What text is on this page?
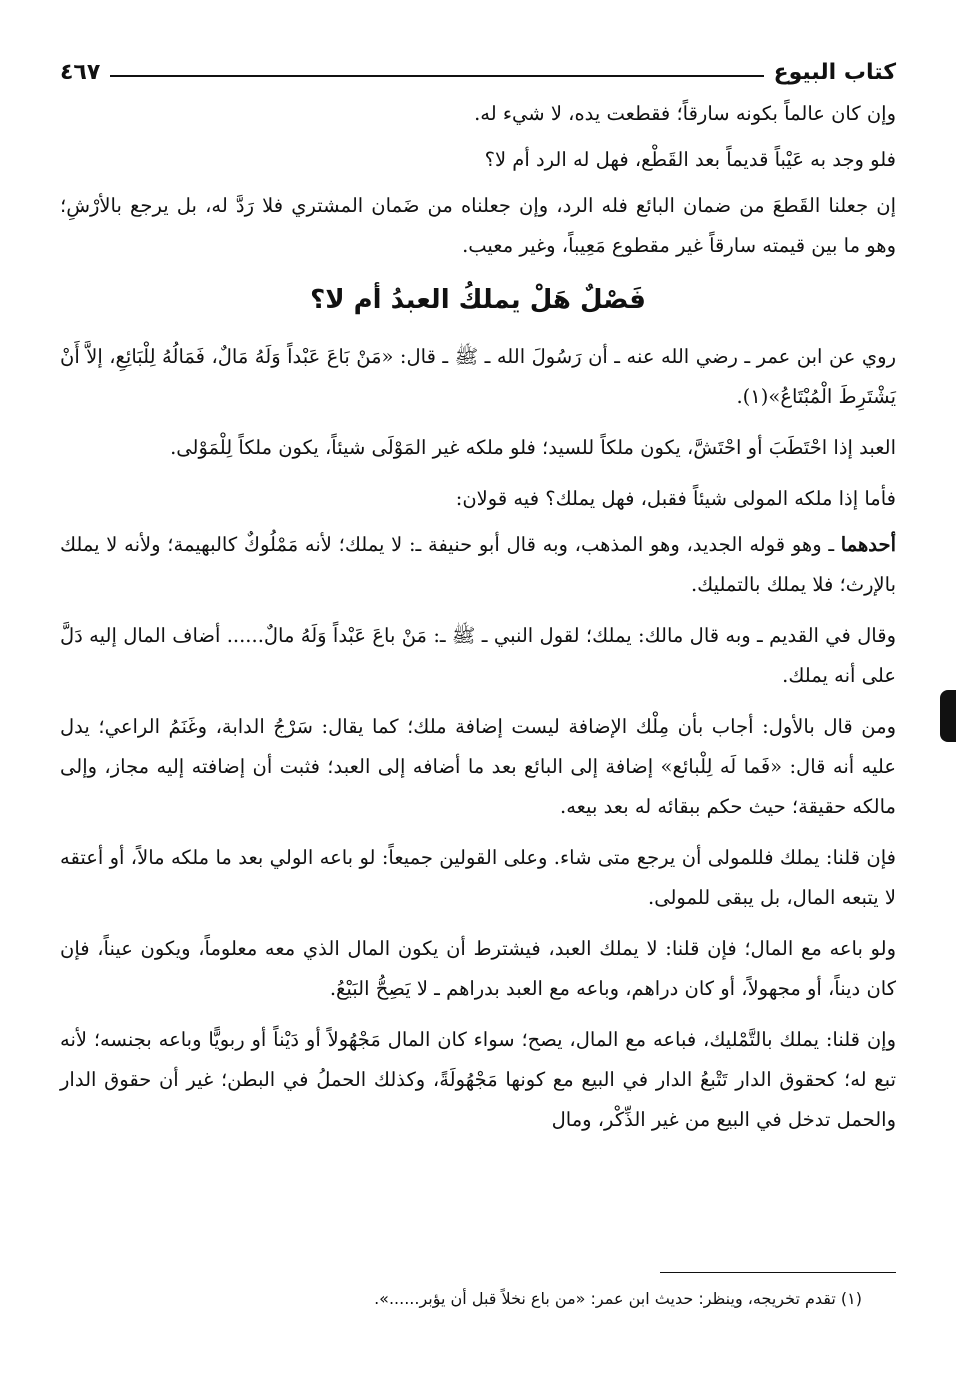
كتاب البيوع
٤٦٧

وإن كان عالماً بكونه سارقاً؛ فقطعت يده، لا شيء له.

فلو وجد به عَيْباً قديماً بعد القَطْع، فهل له الرد أم لا؟

إن جعلنا القَطعَ من ضمان البائع فله الرد، وإن جعلناه من ضَمان المشتري فلا رَدَّ له، بل يرجع بالأرْشِ؛ وهو ما بين قيمته سارقاً غير مقطوع مَعِيباً، وغير معيب.

فَصْلٌ هَلْ يملكُ العبدُ أم لا؟

روي عن ابن عمر ـ رضي الله عنه ـ أن رَسُولَ الله ـ ﷺ ـ قال: «مَنْ بَاعَ عَبْداً وَلَهُ مَالٌ، فَمَالُهُ لِلْبَائِعِ، إلاَّ أَنْ يَشْتَرِطَ الْمُبْتَاعُ»(١).

العبد إذا احْتَطَبَ أو احْتَشَّ، يكون ملكاً للسيد؛ فلو ملكه غير المَوْلَى شيئاً، يكون ملكاً لِلْمَوْلى.

فأما إذا ملكه المولى شيئاً فقبل، فهل يملك؟ فيه قولان:

أحدهما ـ وهو قوله الجديد، وهو المذهب، وبه قال أبو حنيفة ـ: لا يملك؛ لأنه مَمْلُوكٌ كالبهيمة؛ ولأنه لا يملك بالإرث؛ فلا يملك بالتمليك.

وقال في القديم ـ وبه قال مالك: يملك؛ لقول النبي ـ ﷺ ـ: مَنْ باعَ عَبْداً وَلَهُ مالٌ...... أضاف المال إليه دَلَّ على أنه يملك.

ومن قال بالأول: أجاب بأن مِلْك الإضافة ليست إضافة ملك؛ كما يقال: سَرْجُ الدابة، وغَنَمُ الراعي؛ يدل عليه أنه قال: «فَما لَه لِلْبائع» إضافة إلى البائع بعد ما أضافه إلى العبد؛ فثبت أن إضافته إليه مجاز، وإلى مالكه حقيقة؛ حيث حكم ببقائه له بعد بيعه.

فإن قلنا: يملك فللمولى أن يرجع متى شاء. وعلى القولين جميعاً: لو باعه الولي بعد ما ملكه مالاً، أو أعتقه لا يتبعه المال، بل يبقى للمولى.

ولو باعه مع المال؛ فإن قلنا: لا يملك العبد، فيشترط أن يكون المال الذي معه معلوماً، ويكون عيناً، فإن كان ديناً، أو مجهولاً، أو كان دراهم، وباعه مع العبد بدراهم ـ لا يَصِحُّ البَيْعُ.

وإن قلنا: يملك بالتَّمْليك، فباعه مع المال، يصح؛ سواء كان المال مَجْهُولاً أو دَيْناً أو ربويًّا وباعه بجنسه؛ لأنه تبع له؛ كحقوق الدار تَتْبعُ الدار في البيع مع كونها مَجْهُولَةً، وكذلك الحملُ في البطن؛ غير أن حقوق الدار والحمل تدخل في البيع من غير الذِّكْر، ومال

(١) تقدم تخريجه، وينظر: حديث ابن عمر: «من باع نخلاً قبل أن يؤبر......».
